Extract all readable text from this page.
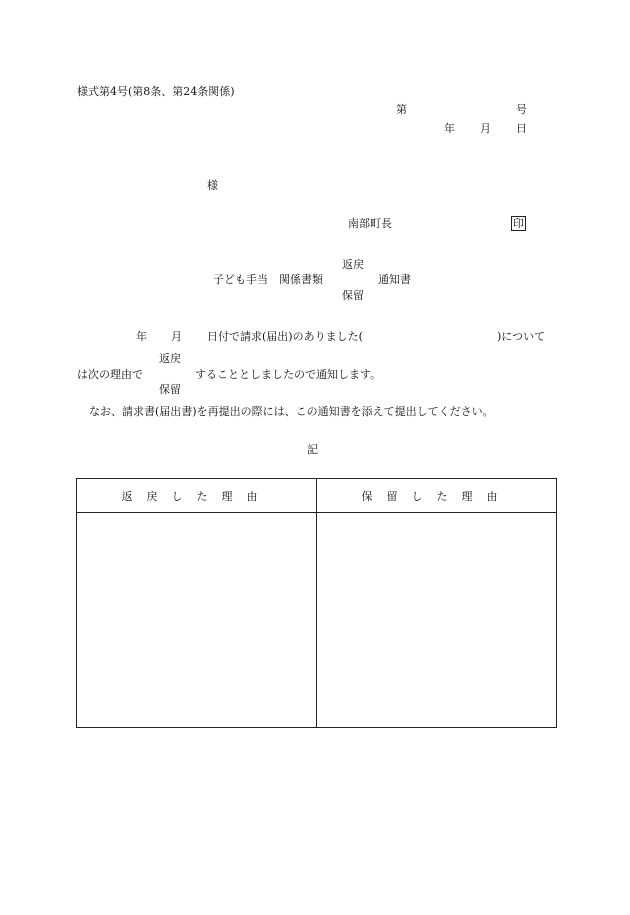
様式第4号(第8条、第24条関係)
第	号
年 月 日
様
南部町長	印
返戻
子ども手当　関係書類	通知書
保留
年 月 日付で請求(届出)のありました(	)について
返戻
は次の理由で	することとしましたので通知します。
保留
なお、請求書(届出書)を再提出の際には、この通知書を添えて提出してください。
記
返戻した理由	保留した理由
